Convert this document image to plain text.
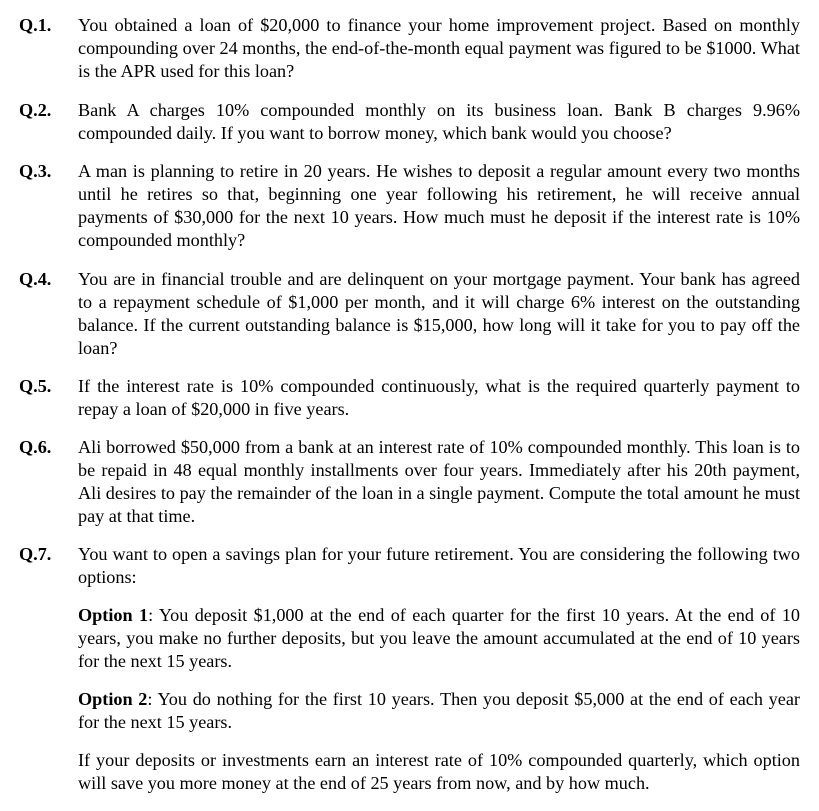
Q.1. You obtained a loan of $20,000 to finance your home improvement project. Based on monthly compounding over 24 months, the end-of-the-month equal payment was figured to be $1000. What is the APR used for this loan?
Q.2. Bank A charges 10% compounded monthly on its business loan. Bank B charges 9.96% compounded daily. If you want to borrow money, which bank would you choose?
Q.3. A man is planning to retire in 20 years. He wishes to deposit a regular amount every two months until he retires so that, beginning one year following his retirement, he will receive annual payments of $30,000 for the next 10 years. How much must he deposit if the interest rate is 10% compounded monthly?
Q.4. You are in financial trouble and are delinquent on your mortgage payment. Your bank has agreed to a repayment schedule of $1,000 per month, and it will charge 6% interest on the outstanding balance. If the current outstanding balance is $15,000, how long will it take for you to pay off the loan?
Q.5. If the interest rate is 10% compounded continuously, what is the required quarterly payment to repay a loan of $20,000 in five years.
Q.6. Ali borrowed $50,000 from a bank at an interest rate of 10% compounded monthly. This loan is to be repaid in 48 equal monthly installments over four years. Immediately after his 20th payment, Ali desires to pay the remainder of the loan in a single payment. Compute the total amount he must pay at that time.
Q.7. You want to open a savings plan for your future retirement. You are considering the following two options:

Option 1: You deposit $1,000 at the end of each quarter for the first 10 years. At the end of 10 years, you make no further deposits, but you leave the amount accumulated at the end of 10 years for the next 15 years.

Option 2: You do nothing for the first 10 years. Then you deposit $5,000 at the end of each year for the next 15 years.

If your deposits or investments earn an interest rate of 10% compounded quarterly, which option will save you more money at the end of 25 years from now, and by how much.
